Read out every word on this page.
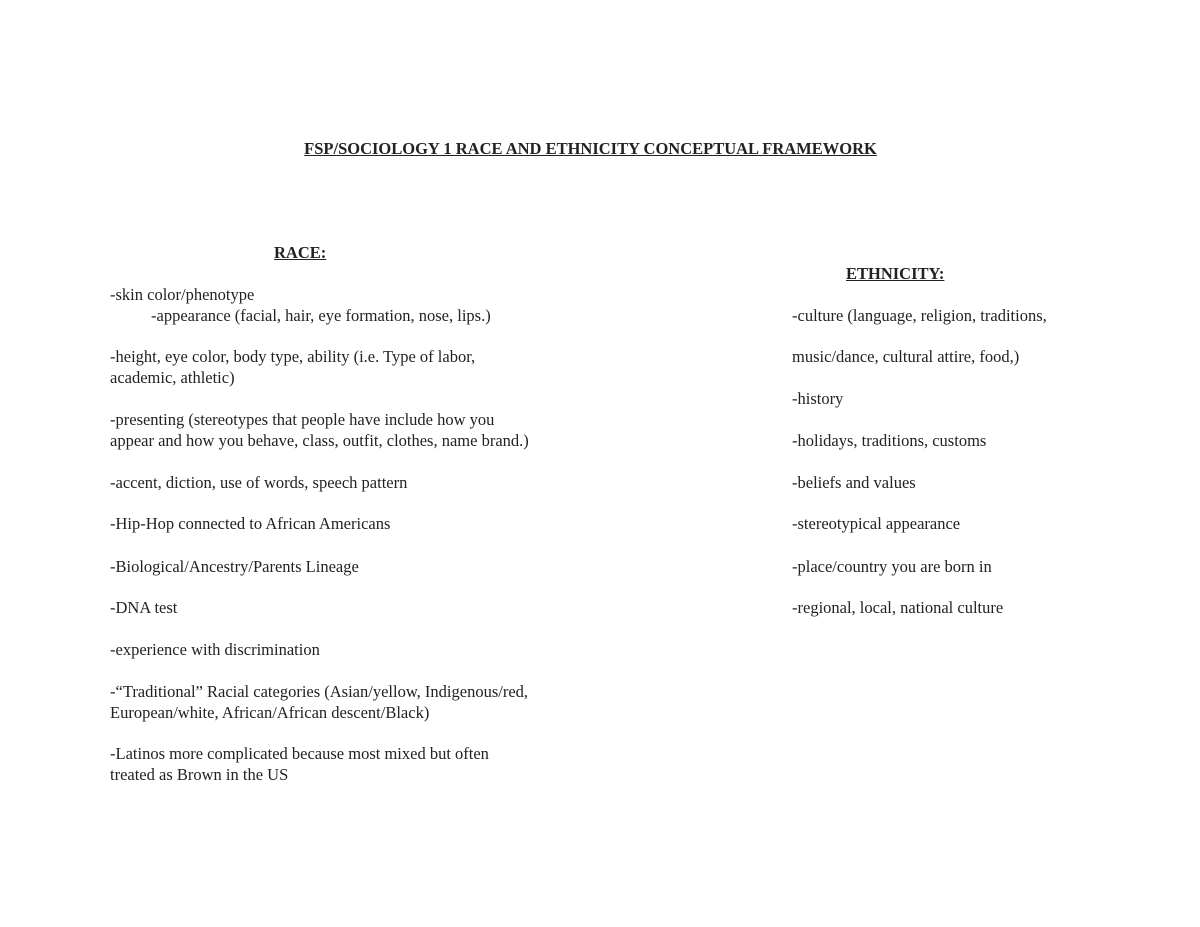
FSP/SOCIOLOGY 1 RACE AND ETHNICITY CONCEPTUAL FRAMEWORK
RACE:
-skin color/phenotype
-appearance (facial, hair, eye formation, nose, lips.)
-height, eye color, body type, ability (i.e. Type of labor,
academic, athletic)
-presenting (stereotypes that people have include how you
appear and how you behave, class, outfit, clothes, name brand.)
-accent, diction, use of words, speech pattern
-Hip-Hop connected to African Americans
-Biological/Ancestry/Parents Lineage
-DNA test
-experience with discrimination
-“Traditional” Racial categories (Asian/yellow, Indigenous/red,
European/white, African/African descent/Black)
-Latinos more complicated because most mixed but often
treated as Brown in the US
ETHNICITY:
-culture (language, religion, traditions,
music/dance, cultural attire, food,)
-history
-holidays, traditions, customs
-beliefs and values
-stereotypical appearance
-place/country you are born in
-regional, local, national culture
